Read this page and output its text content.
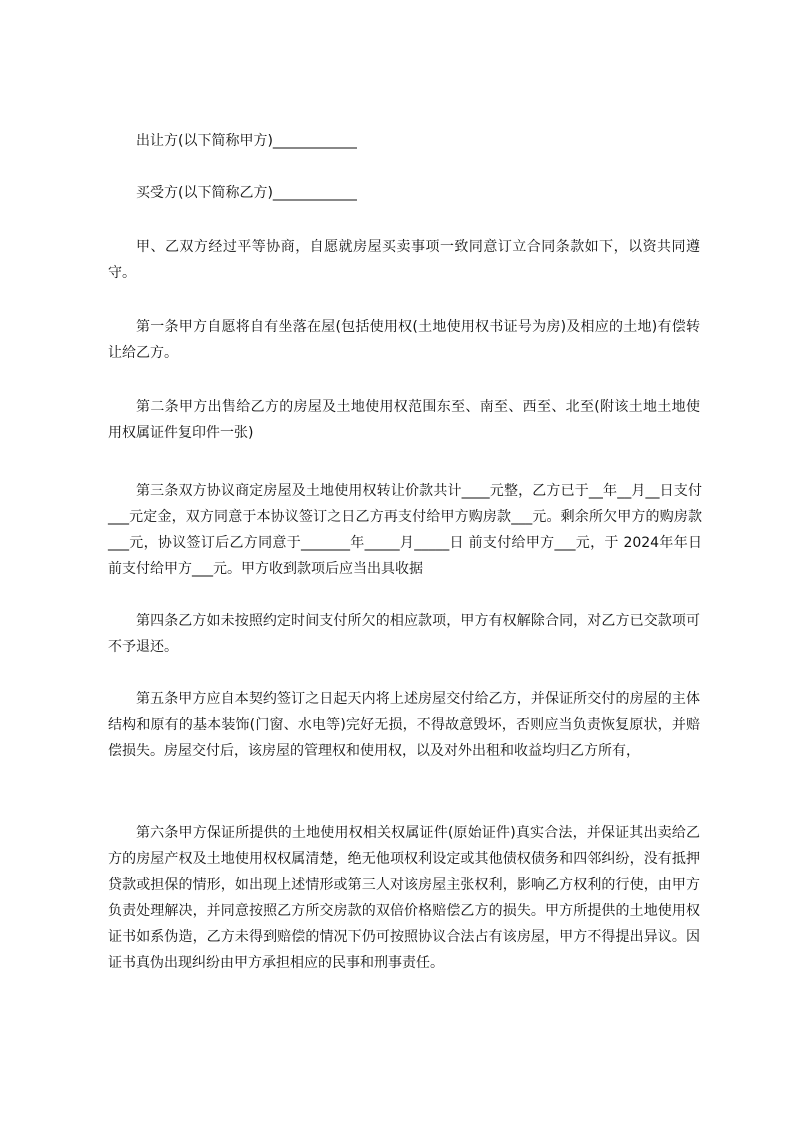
出让方(以下简称甲方)____________

买受方(以下简称乙方)____________

甲、乙双方经过平等协商，自愿就房屋买卖事项一致同意订立合同条款如下，以资共同遵守。

第一条甲方自愿将自有坐落在屋(包括使用权(土地使用权书证号为房)及相应的土地)有偿转让给乙方。

第二条甲方出售给乙方的房屋及土地使用权范围东至、南至、西至、北至(附该土地土地使用权属证件复印件一张)

第三条双方协议商定房屋及土地使用权转让价款共计____元整，乙方已于__年__月__日支付___元定金，双方同意于本协议签订之日乙方再支付给甲方购房款___元。剩余所欠甲方的购房款___元，协议签订后乙方同意于_______年_____月_____日 前支付给甲方___元，于 2024年年日前支付给甲方___元。甲方收到款项后应当出具收据

第四条乙方如未按照约定时间支付所欠的相应款项，甲方有权解除合同，对乙方已交款项可不予退还。

第五条甲方应自本契约签订之日起天内将上述房屋交付给乙方，并保证所交付的房屋的主体结构和原有的基本装饰(门窗、水电等)完好无损，不得故意毁坏，否则应当负责恢复原状，并赔偿损失。房屋交付后，该房屋的管理权和使用权，以及对外出租和收益均归乙方所有，

第六条甲方保证所提供的土地使用权相关权属证件(原始证件)真实合法，并保证其出卖给乙方的房屋产权及土地使用权权属清楚，绝无他项权利设定或其他债权债务和四邻纠纷，没有抵押贷款或担保的情形，如出现上述情形或第三人对该房屋主张权利，影响乙方权利的行使，由甲方负责处理解决，并同意按照乙方所交房款的双倍价格赔偿乙方的损失。甲方所提供的土地使用权证书如系伪造，乙方未得到赔偿的情况下仍可按照协议合法占有该房屋，甲方不得提出异议。因证书真伪出现纠纷由甲方承担相应的民事和刑事责任。
